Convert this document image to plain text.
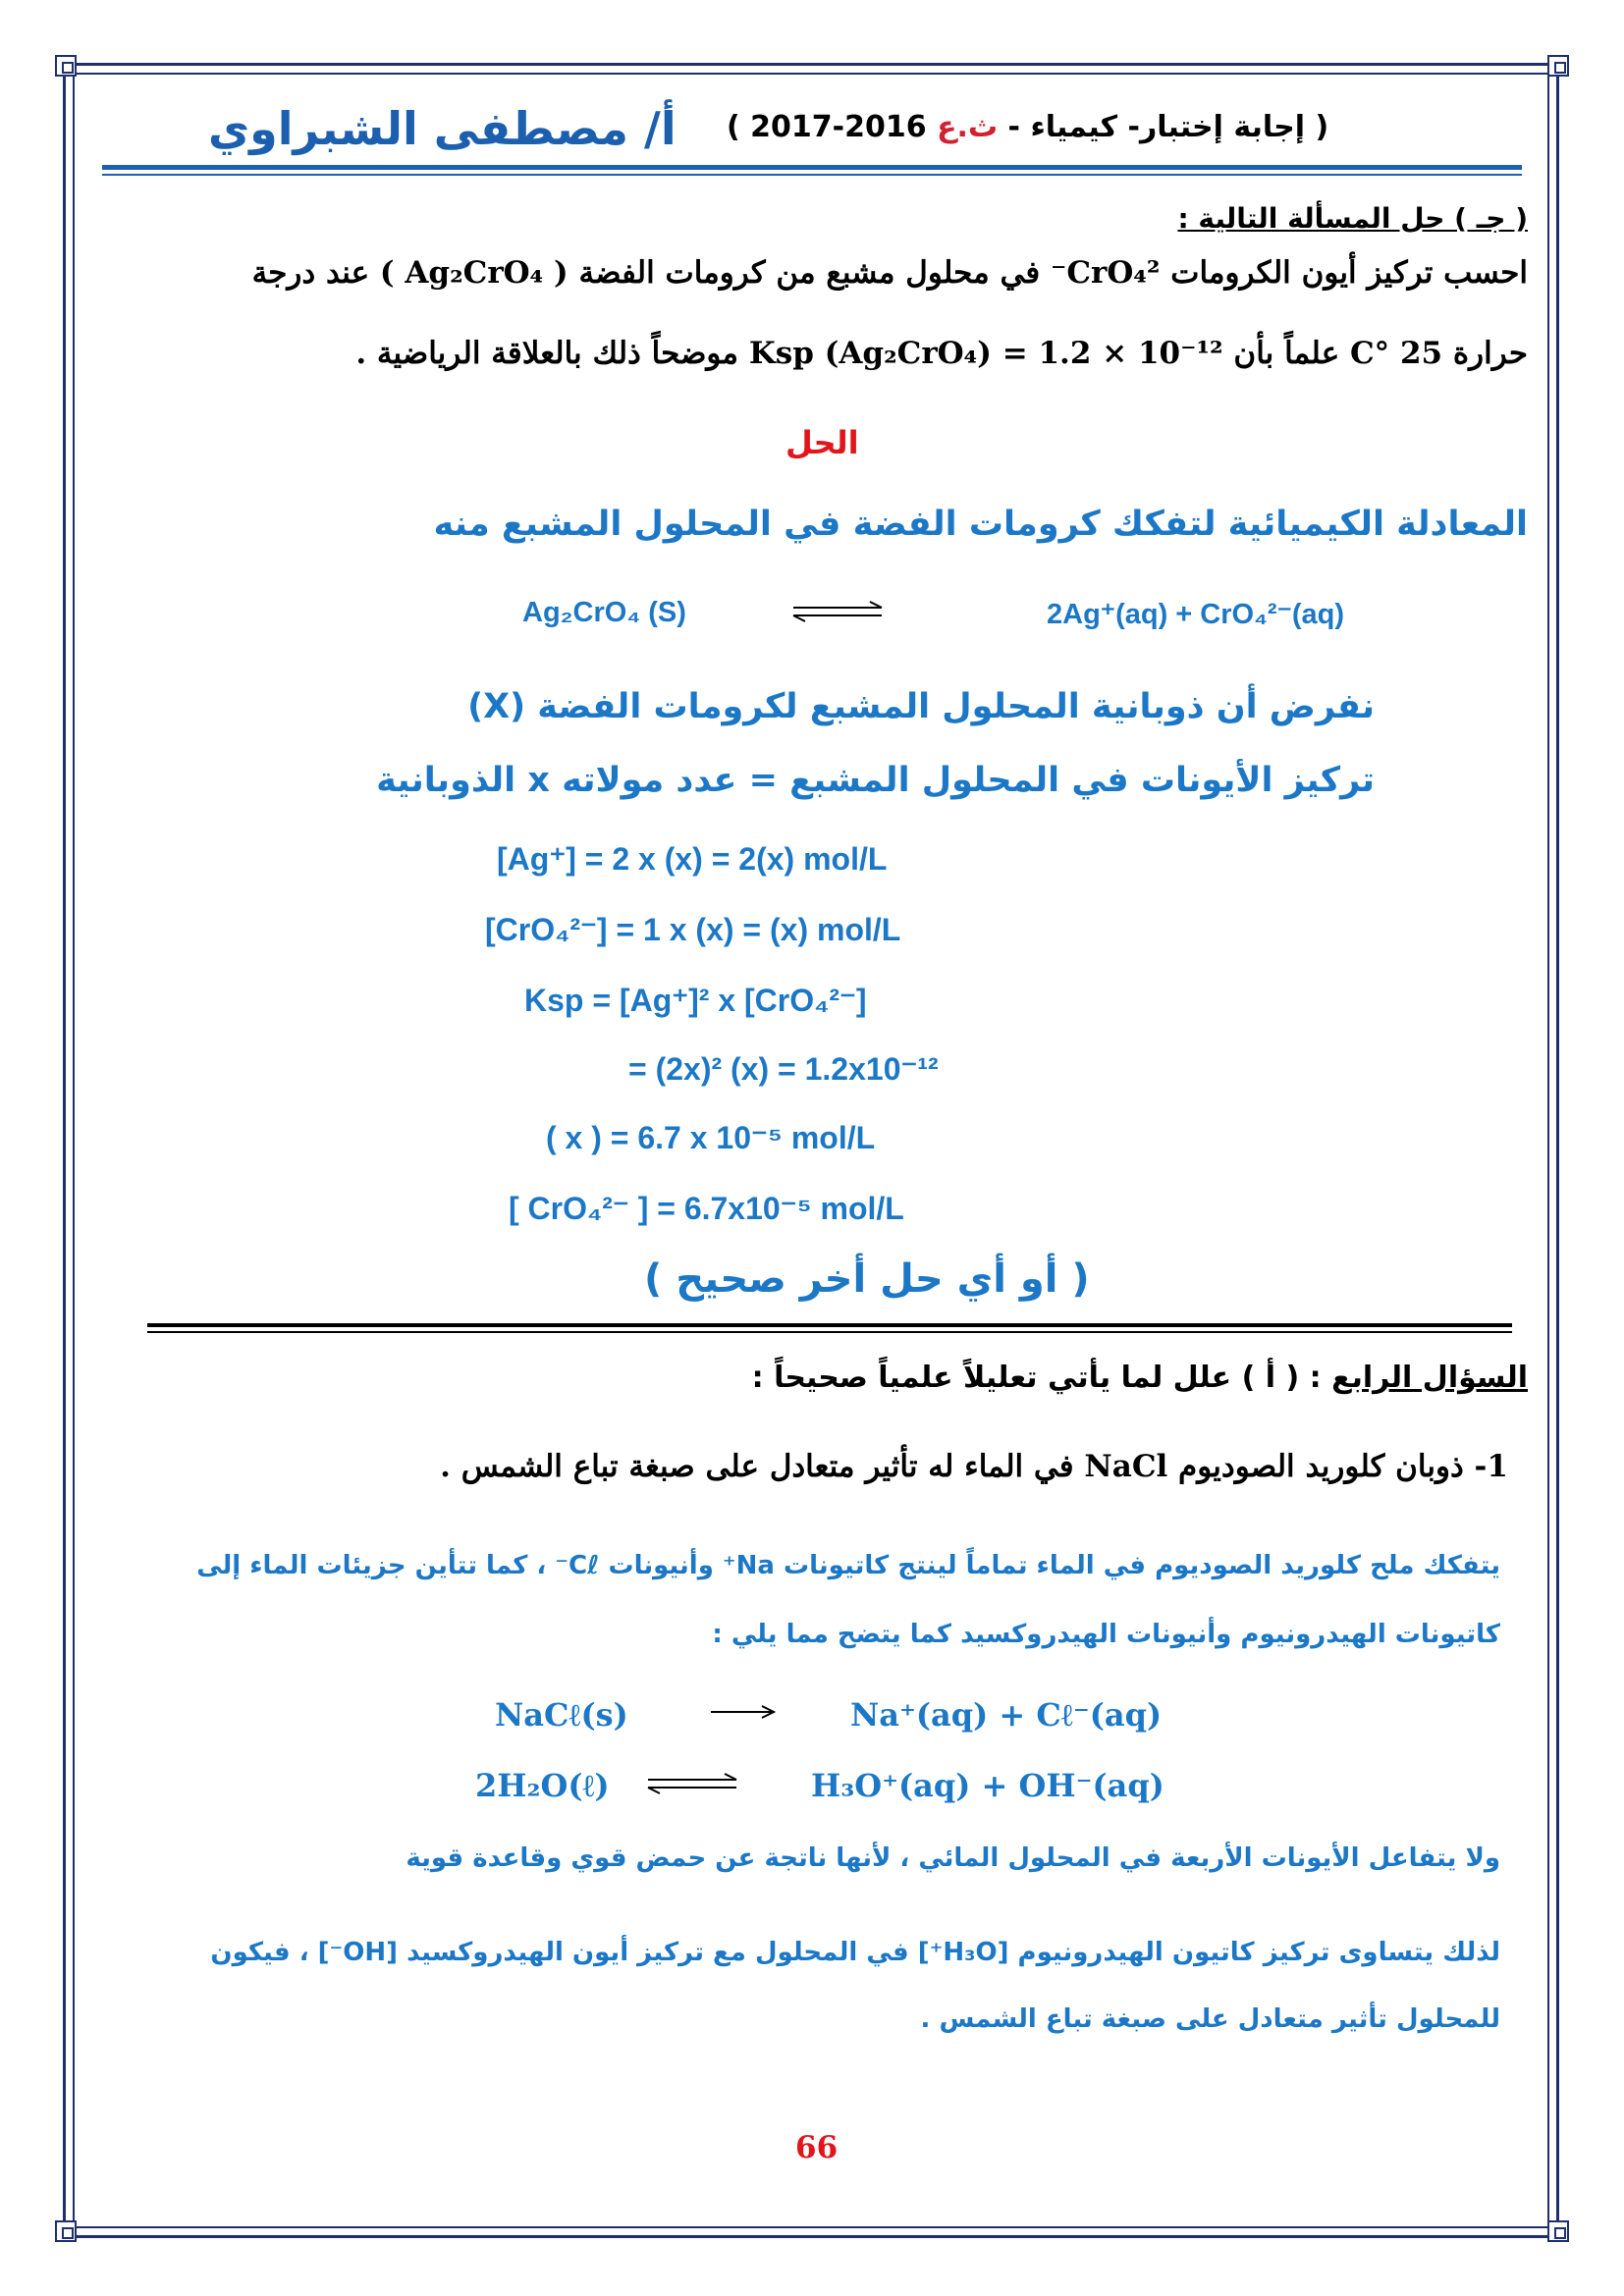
أ/ مصطفى الشبراوي	( إجابة إختبار- كيمياء - ث.ع 2016-2017 )
( جـ ) حل المسألة التالية :
احسب تركيز أيون الكرومات CrO₄²⁻ في محلول مشبع من كرومات الفضة ( Ag₂CrO₄ ) عند درجة
حرارة 25 °C علماً بأن Ksp (Ag₂CrO₄) = 1.2 × 10⁻¹² موضحاً ذلك بالعلاقة الرياضية .
الحل
المعادلة الكيميائية لتفكك كرومات الفضة في المحلول المشبع منه
Ag₂CrO₄ (S)	2Ag⁺(aq) + CrO₄²⁻(aq)
نفرض أن ذوبانية المحلول المشبع لكرومات الفضة (X)
تركيز الأيونات في المحلول المشبع = عدد مولاته x الذوبانية
[Ag⁺] = 2 x (x) = 2(x) mol/L
[CrO₄²⁻] = 1 x (x) = (x) mol/L
Ksp = [Ag⁺]² x [CrO₄²⁻]
= (2x)² (x) = 1.2x10⁻¹²
( x ) = 6.7 x 10⁻⁵ mol/L
[ CrO₄²⁻ ] = 6.7x10⁻⁵ mol/L
( أو أي حل أخر صحيح )
السؤال الرابع : ( أ ) علل لما يأتي تعليلاً علمياً صحيحاً :
1- ذوبان كلوريد الصوديوم NaCl في الماء له تأثير متعادل على صبغة تباع الشمس .
يتفكك ملح كلوريد الصوديوم في الماء تماماً لينتج كاتيونات Na⁺ وأنيونات Cℓ⁻ ، كما تتأين جزيئات الماء إلى
كاتيونات الهيدرونيوم وأنيونات الهيدروكسيد كما يتضح مما يلي :
NaCℓ(s)	Na⁺(aq) + Cℓ⁻(aq)
2H₂O(ℓ)	H₃O⁺(aq) + OH⁻(aq)
ولا يتفاعل الأيونات الأربعة في المحلول المائي ، لأنها ناتجة عن حمض قوي وقاعدة قوية
لذلك يتساوى تركيز كاتيون الهيدرونيوم [H₃O⁺] في المحلول مع تركيز أيون الهيدروكسيد [OH⁻] ، فيكون
للمحلول تأثير متعادل على صبغة تباع الشمس .
66
